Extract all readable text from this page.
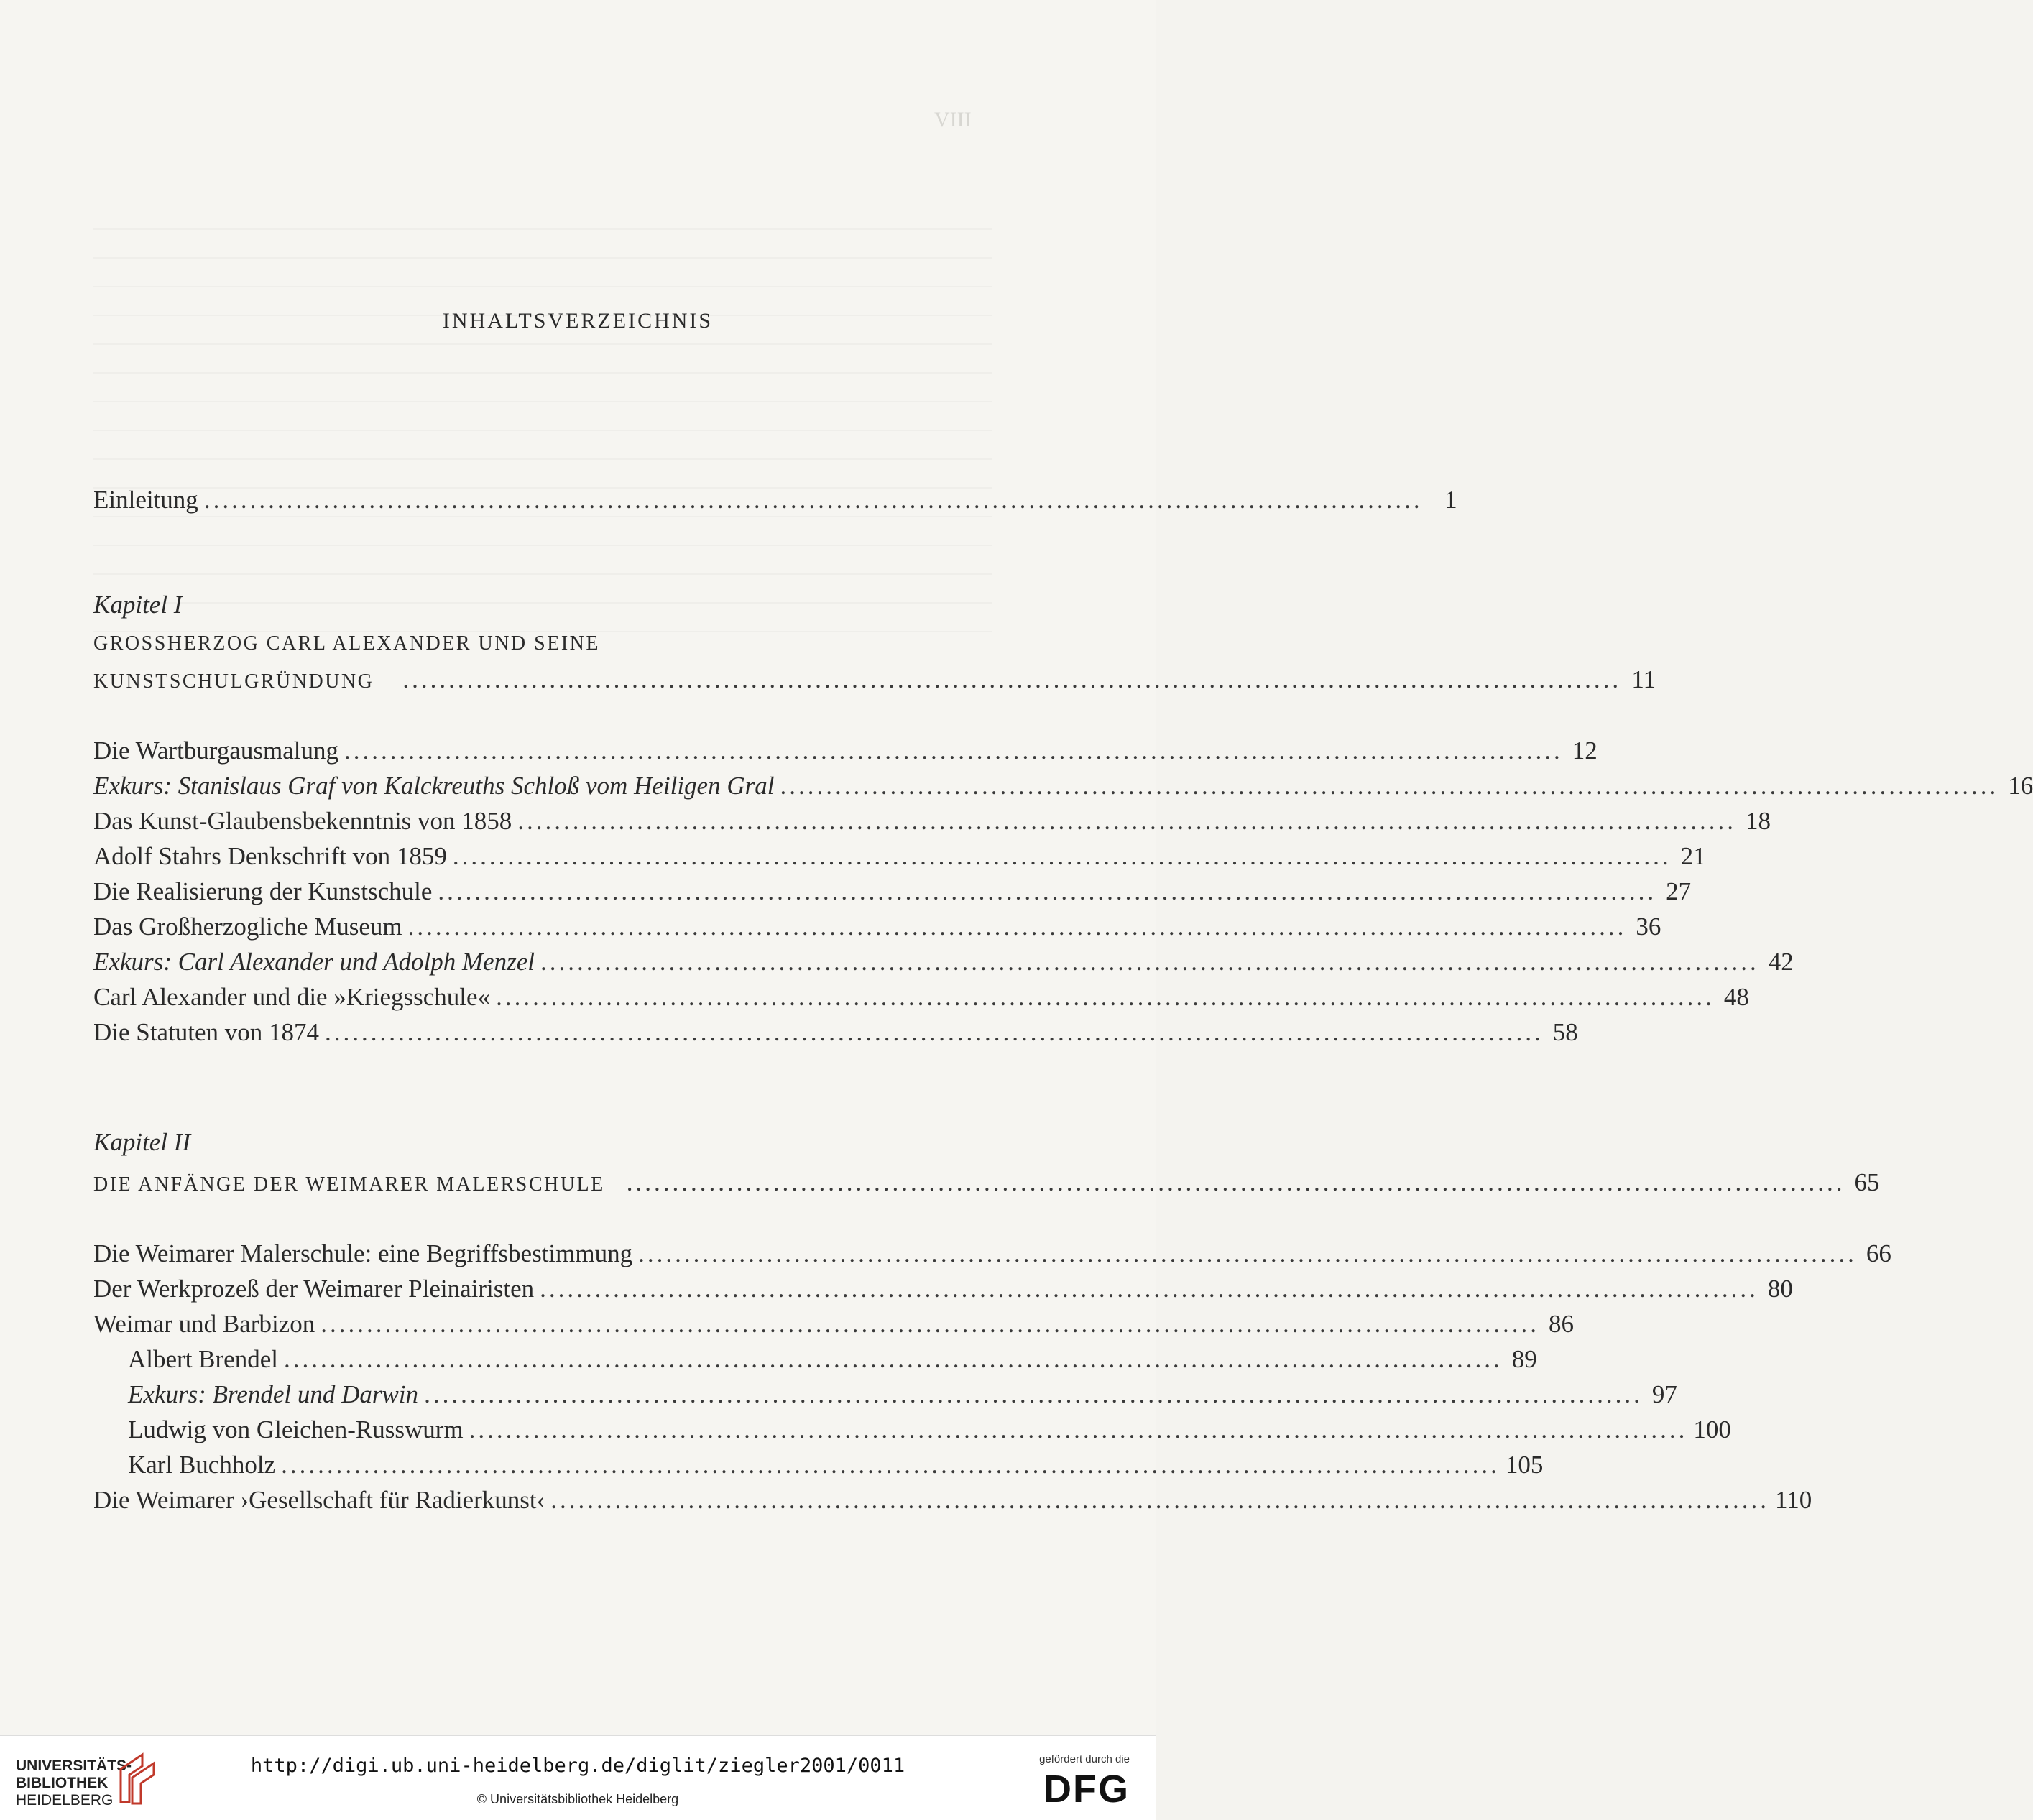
VIII
INHALTSVERZEICHNIS
Einleitung ..................................................................................................................................... 1
Kapitel I
GROSSHERZOG CARL ALEXANDER UND SEINE
KUNSTSCHULGRÜNDUNG ..................................................................................................................................... 11
Die Wartburgausmalung ..................................................................................................................................... 12
Exkurs: Stanislaus Graf von Kalckreuths Schloß vom Heiligen Gral ..................................................................................................................................... 16
Das Kunst-Glaubensbekenntnis von 1858 ..................................................................................................................................... 18
Adolf Stahrs Denkschrift von 1859 ..................................................................................................................................... 21
Die Realisierung der Kunstschule ..................................................................................................................................... 27
Das Großherzogliche Museum ..................................................................................................................................... 36
Exkurs: Carl Alexander und Adolph Menzel ..................................................................................................................................... 42
Carl Alexander und die »Kriegsschule« ..................................................................................................................................... 48
Die Statuten von 1874 ..................................................................................................................................... 58
Kapitel II
DIE ANFÄNGE DER WEIMARER MALERSCHULE ..................................................................................................................................... 65
Die Weimarer Malerschule: eine Begriffsbestimmung ..................................................................................................................................... 66
Der Werkprozeß der Weimarer Pleinairisten ..................................................................................................................................... 80
Weimar und Barbizon ..................................................................................................................................... 86
Albert Brendel ..................................................................................................................................... 89
Exkurs: Brendel und Darwin ..................................................................................................................................... 97
Ludwig von Gleichen-Russwurm ..................................................................................................................................... 100
Karl Buchholz ..................................................................................................................................... 105
Die Weimarer ›Gesellschaft für Radierkunst‹ ..................................................................................................................................... 110
UNIVERSITÄTS-
BIBLIOTHEK
HEIDELBERG
http://digi.ub.uni-heidelberg.de/diglit/ziegler2001/0011
© Universitätsbibliothek Heidelberg
gefördert durch die
DFG
